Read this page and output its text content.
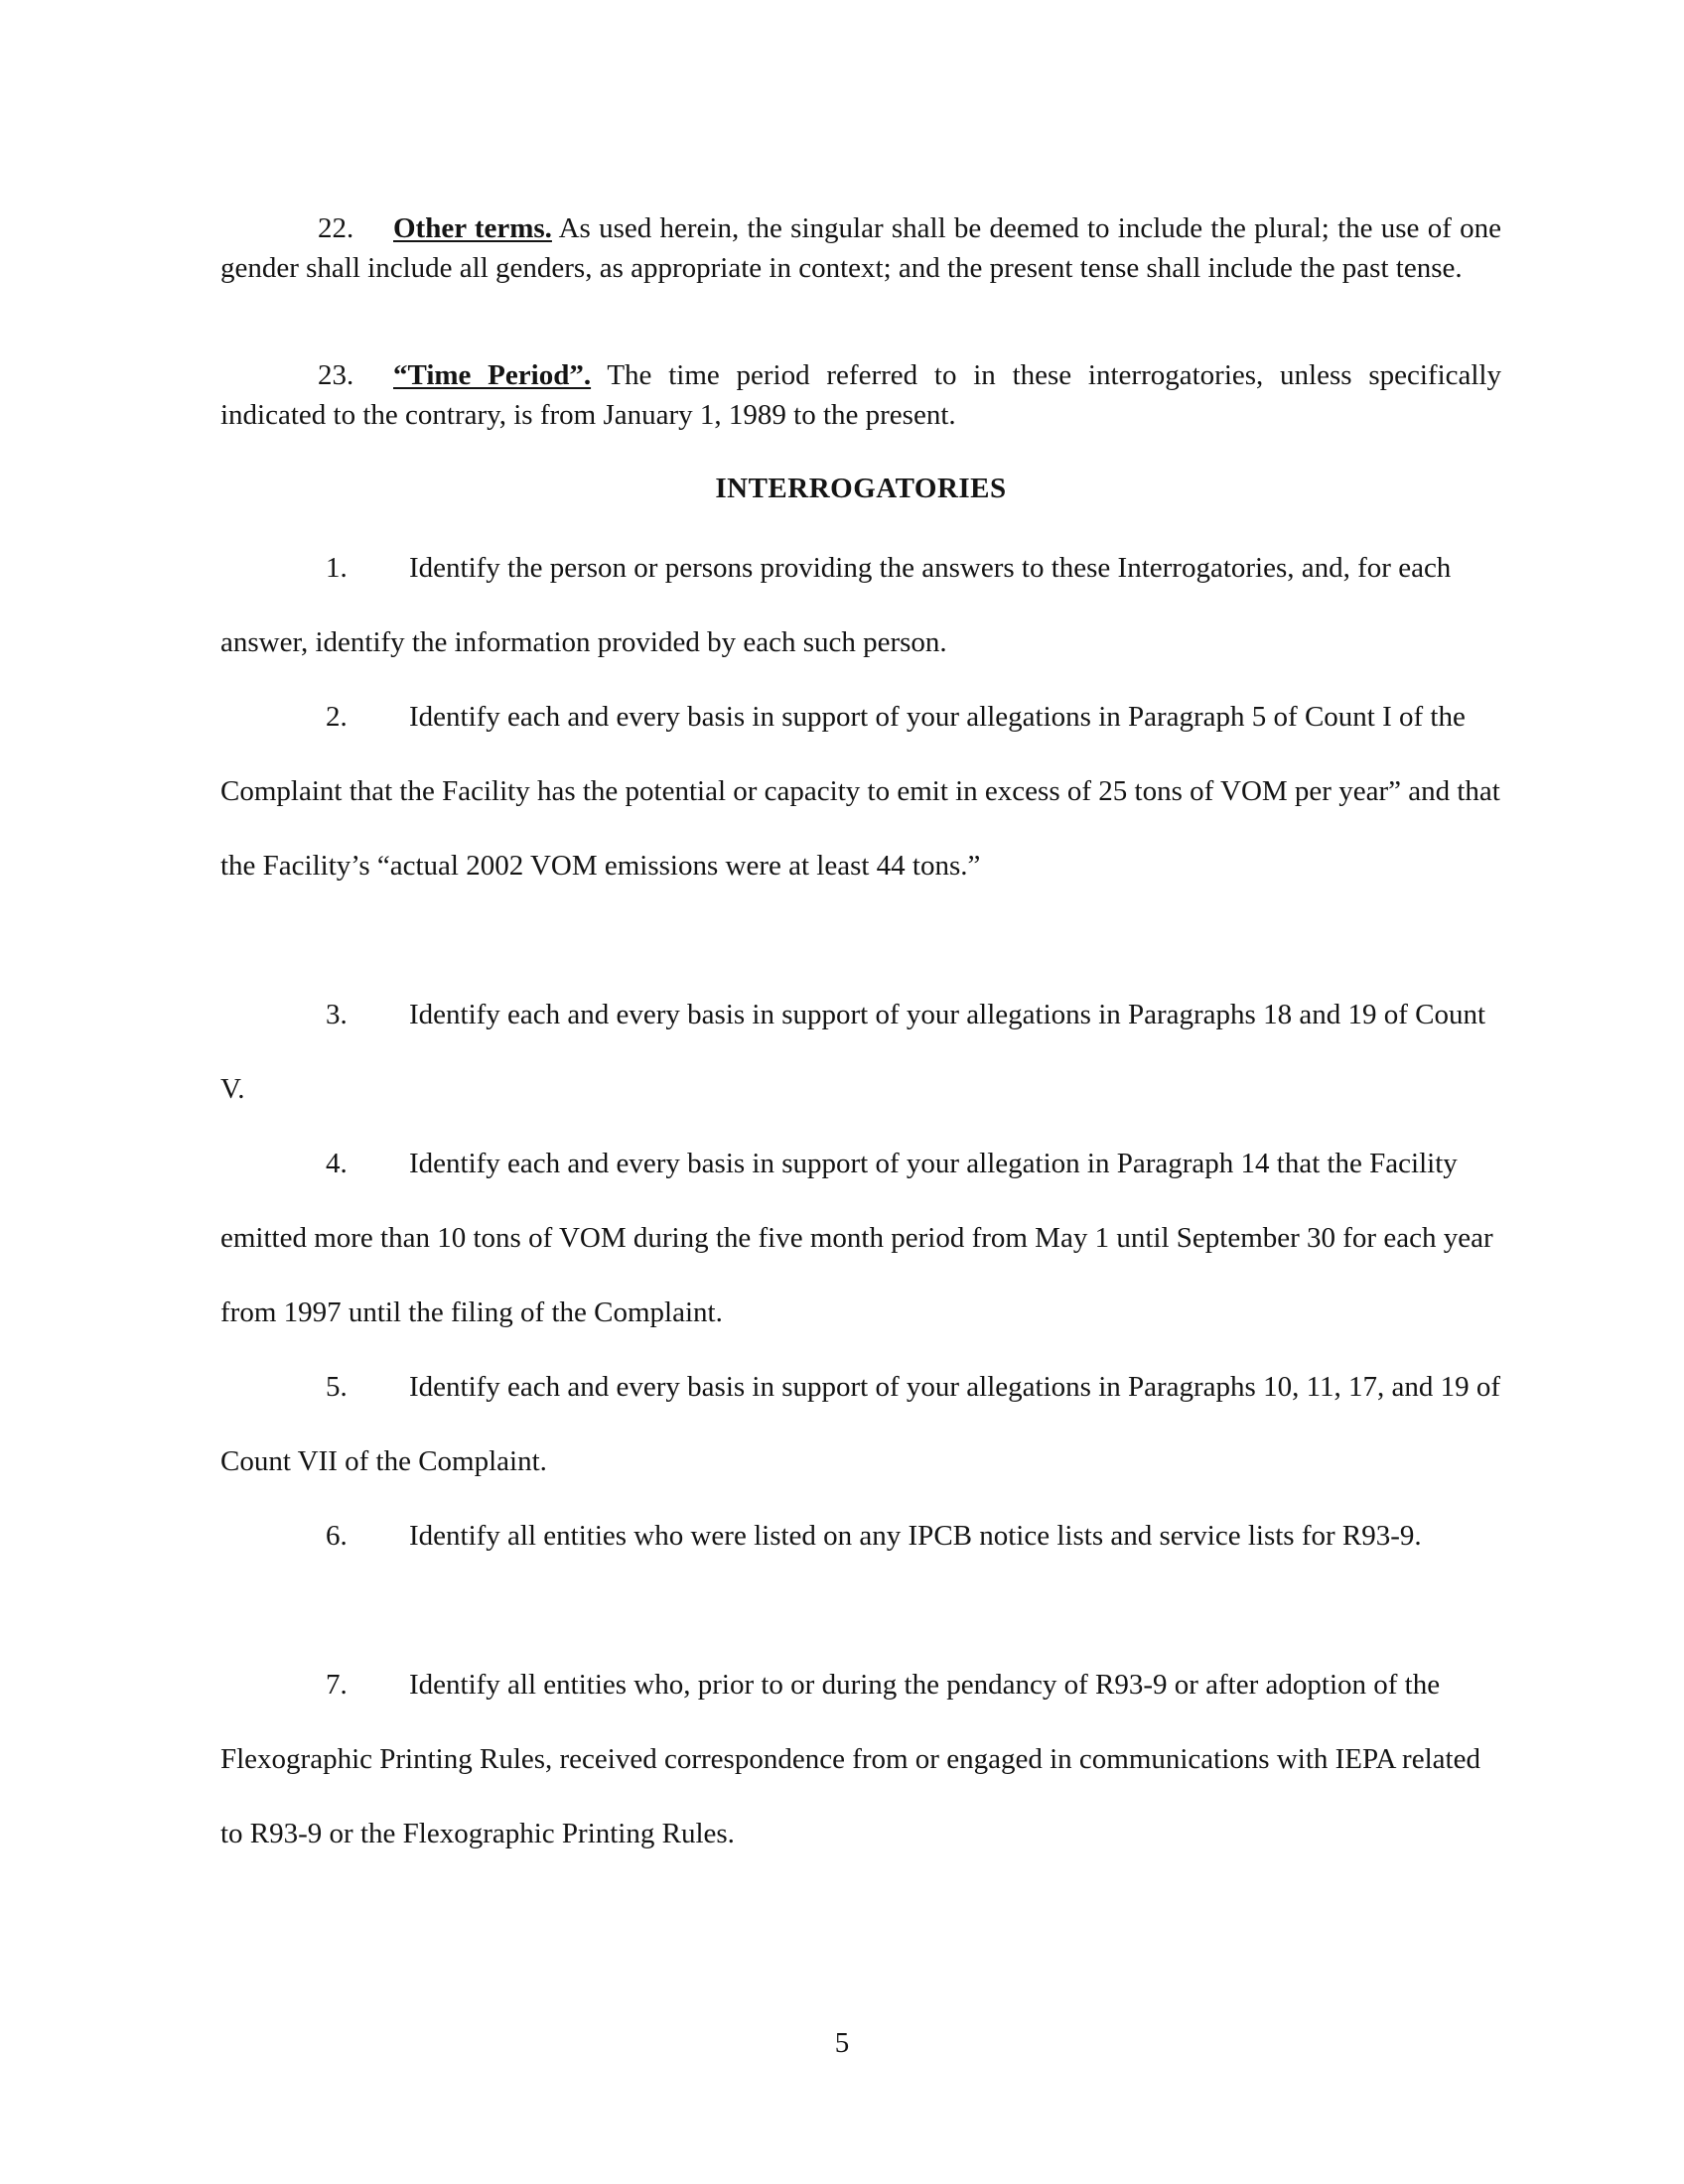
22. Other terms. As used herein, the singular shall be deemed to include the plural; the use of one gender shall include all genders, as appropriate in context; and the present tense shall include the past tense.

23. “Time Period”. The time period referred to in these interrogatories, unless specifically indicated to the contrary, is from January 1, 1989 to the present.

INTERROGATORIES

1. Identify the person or persons providing the answers to these Interrogatories, and, for each answer, identify the information provided by each such person.

2. Identify each and every basis in support of your allegations in Paragraph 5 of Count I of the Complaint that the Facility has the potential or capacity to emit in excess of 25 tons of VOM per year” and that the Facility’s “actual 2002 VOM emissions were at least 44 tons.”

3. Identify each and every basis in support of your allegations in Paragraphs 18 and 19 of Count V.

4. Identify each and every basis in support of your allegation in Paragraph 14 that the Facility emitted more than 10 tons of VOM during the five month period from May 1 until September 30 for each year from 1997 until the filing of the Complaint.

5. Identify each and every basis in support of your allegations in Paragraphs 10, 11, 17, and 19 of Count VII of the Complaint.

6. Identify all entities who were listed on any IPCB notice lists and service lists for R93-9.

7. Identify all entities who, prior to or during the pendancy of R93-9 or after adoption of the Flexographic Printing Rules, received correspondence from or engaged in communications with IEPA related to R93-9 or the Flexographic Printing Rules.

5
